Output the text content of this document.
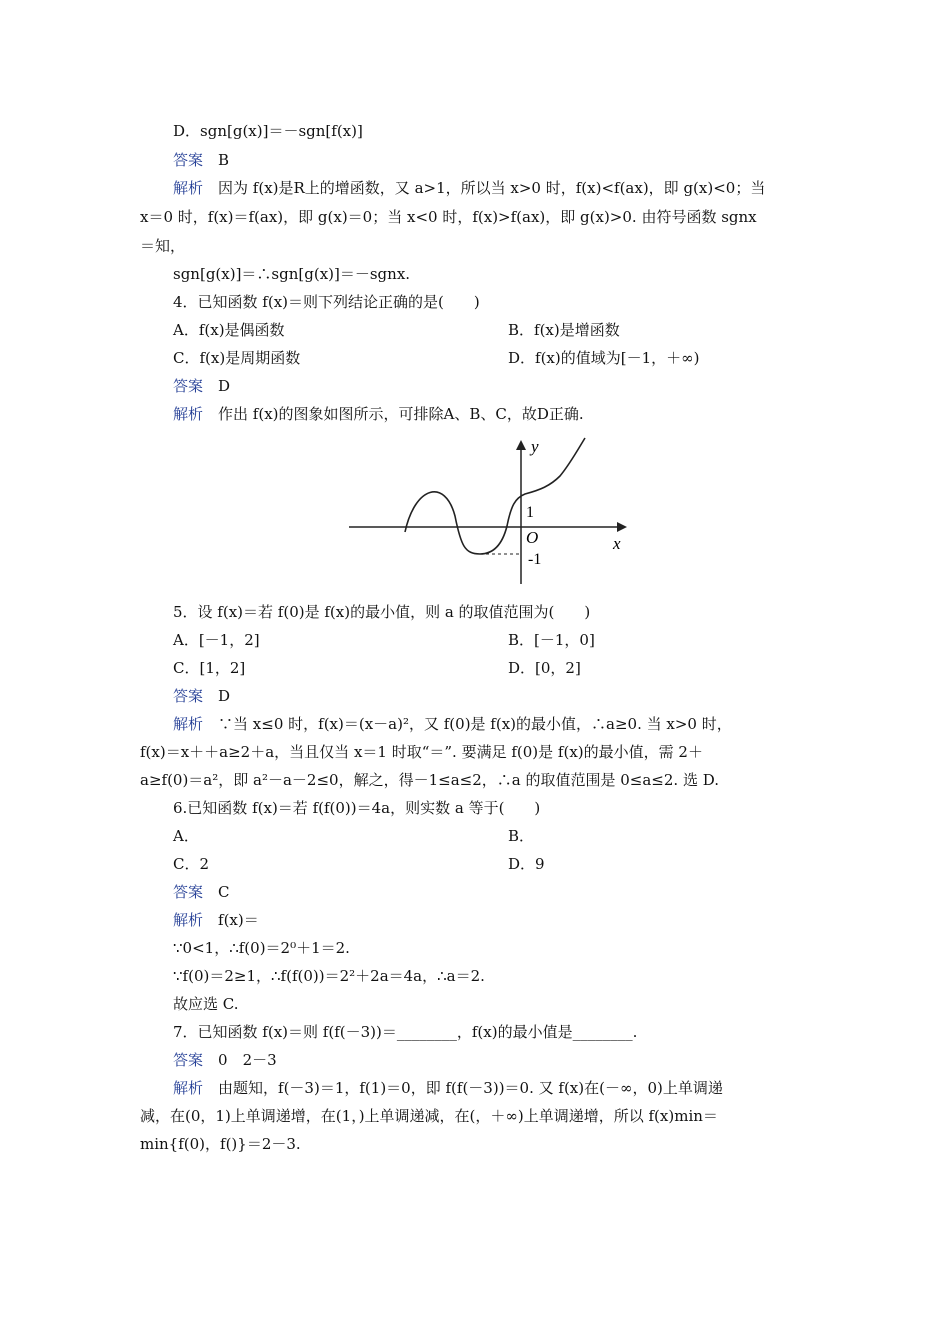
D．sgn[g(x)]＝－sgn[f(x)]
答案　 B
解析　 因为 f(x)是R上的增函数，又 a>1，所以当 x>0 时，f(x)<f(ax)，即 g(x)<0；当
x＝0 时，f(x)＝f(ax)，即 g(x)＝0；当 x<0 时，f(x)>f(ax)，即 g(x)>0. 由符号函数 sgnx
＝知，
sgn[g(x)]＝∴sgn[g(x)]＝－sgnx.
4．已知函数 f(x)＝则下列结论正确的是(　　)
A．f(x)是偶函数	B．f(x)是增函数
C．f(x)是周期函数	D．f(x)的值域为[－1，＋∞)
答案　 D
解析　 作出 f(x)的图象如图所示，可排除A、B、C，故D正确.
y
x
1
O
-1
5．设 f(x)＝若 f(0)是 f(x)的最小值，则 a 的取值范围为(　　)
A．[－1，2]	B．[－1，0]
C．[1，2]	D．[0，2]
答案　 D
解析　 ∵当 x≤0 时，f(x)＝(x－a)²，又 f(0)是 f(x)的最小值，∴a≥0. 当 x>0 时，
f(x)＝x＋＋a≥2＋a，当且仅当 x＝1 时取“＝”. 要满足 f(0)是 f(x)的最小值，需 2＋
a≥f(0)＝a²，即 a²－a－2≤0，解之，得－1≤a≤2，∴a 的取值范围是 0≤a≤2. 选 D.
6.已知函数 f(x)＝若 f(f(0))＝4a，则实数 a 等于(　　)
A．	B．
C．2	D．9
答案　 C
解析　 f(x)＝
∵0<1，∴f(0)＝2⁰＋1＝2.
∵f(0)＝2≥1，∴f(f(0))＝2²＋2a＝4a，∴a＝2.
故应选 C.
7．已知函数 f(x)＝则 f(f(－3))＝________，f(x)的最小值是________.
答案　 0　2－3
解析　 由题知，f(－3)＝1，f(1)＝0，即 f(f(－3))＝0. 又 f(x)在(－∞，0)上单调递
减，在(0，1)上单调递增，在(1，)上单调递减，在(，＋∞)上单调递增，所以 f(x)min＝
min{f(0)，f()}＝2－3.
